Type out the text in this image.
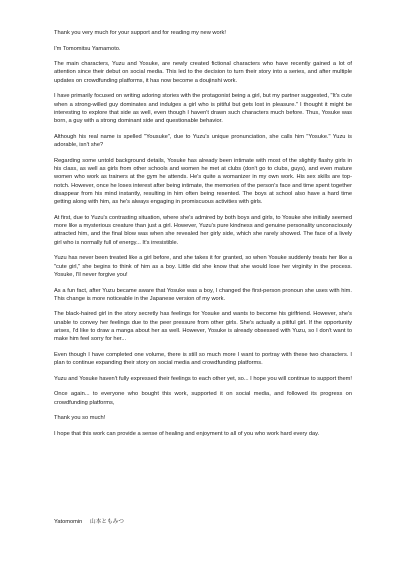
Thank you very much for your support and for reading my new work!

I'm Tomomitsu Yamamoto.

The main characters, Yuzu and Yosuke, are newly created fictional characters who have recently gained a lot of attention since their debut on social media. This led to the decision to turn their story into a series, and after multiple updates on crowdfunding platforms, it has now become a doujinshi work.

I have primarily focused on writing adoring stories with the protagonist being a girl, but my partner suggested, "It's cute when a strong-willed guy dominates and indulges a girl who is pitiful but gets lost in pleasure." I thought it might be interesting to explore that side as well, even though I haven't drawn such characters much before. Thus, Yosuke was born, a guy with a strong dominant side and questionable behavior.

Although his real name is spelled "Yousuke", due to Yuzu's unique pronunciation, she calls him "Yosuke." Yuzu is adorable, isn't she?

Regarding some untold background details, Yosuke has already been intimate with most of the slightly flashy girls in his class, as well as girls from other schools and women he met at clubs (don't go to clubs, guys), and even mature women who work as trainers at the gym he attends. He's quite a womanizer in my own work. His sex skills are top-notch. However, once he loses interest after being intimate, the memories of the person's face and time spent together disappear from his mind instantly, resulting in him often being resented. The boys at school also have a hard time getting along with him, as he's always engaging in promiscuous activities with girls.

At first, due to Yuzu's contrasting situation, where she's admired by both boys and girls, to Yosuke she initially seemed more like a mysterious creature than just a girl. However, Yuzu's pure kindness and genuine personality unconsciously attracted him, and the final blow was when she revealed her girly side, which she rarely showed. The face of a lively girl who is normally full of energy... It's irresistible.

Yuzu has never been treated like a girl before, and she takes it for granted, so when Yosuke suddenly treats her like a "cute girl," she begins to think of him as a boy. Little did she know that she would lose her virginity in the process. Yosuke, I'll never forgive you!

As a fun fact, after Yuzu became aware that Yosuke was a boy, I changed the first-person pronoun she uses with him. This change is more noticeable in the Japanese version of my work.

The black-haired girl in the story secretly has feelings for Yosuke and wants to become his girlfriend. However, she's unable to convey her feelings due to the peer pressure from other girls. She's actually a pitiful girl. If the opportunity arises, I'd like to draw a manga about her as well. However, Yosuke is already obsessed with Yuzu, so I don't want to make him feel sorry for her...

Even though I have completed one volume, there is still so much more I want to portray with these two characters. I plan to continue expanding their story on social media and crowdfunding platforms.

Yuzu and Yosuke haven't fully expressed their feelings to each other yet, so... I hope you will continue to support them!

Once again... to everyone who bought this work, supported it on social media, and followed its progress on crowdfunding platforms,

Thank you so much!

I hope that this work can provide a sense of healing and enjoyment to all of you who work hard every day.

Yatomomin 山本ともみつ
